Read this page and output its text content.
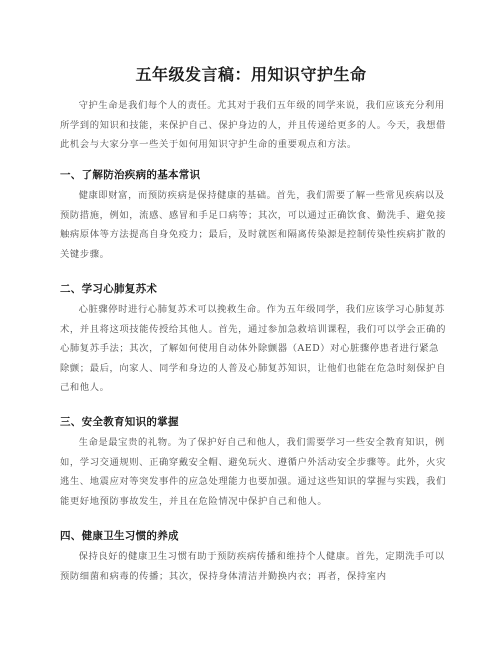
五年级发言稿：用知识守护生命
守护生命是我们每个人的责任。尤其对于我们五年级的同学来说，我们应该充分利用所学到的知识和技能，来保护自己、保护身边的人，并且传递给更多的人。今天，我想借此机会与大家分享一些关于如何用知识守护生命的重要观点和方法。
一、了解防治疾病的基本常识
健康即财富，而预防疾病是保持健康的基础。首先，我们需要了解一些常见疾病以及预防措施，例如，流感、感冒和手足口病等；其次，可以通过正确饮食、勤洗手、避免接触病原体等方法提高自身免疫力；最后，及时就医和隔离传染源是控制传染性疾病扩散的关键步骤。
二、学习心肺复苏术
心脏骤停时进行心肺复苏术可以挽救生命。作为五年级同学，我们应该学习心肺复苏术，并且将这项技能传授给其他人。首先，通过参加急救培训课程，我们可以学会正确的心肺复苏手法；其次，了解如何使用自动体外除颤器（AED）对心脏骤停患者进行紧急除颤；最后，向家人、同学和身边的人普及心肺复苏知识，让他们也能在危急时刻保护自己和他人。
三、安全教育知识的掌握
生命是最宝贵的礼物。为了保护好自己和他人，我们需要学习一些安全教育知识，例如，学习交通规则、正确穿戴安全帽、避免玩火、遵循户外活动安全步骤等。此外，火灾逃生、地震应对等突发事件的应急处理能力也要加强。通过这些知识的掌握与实践，我们能更好地预防事故发生，并且在危险情况中保护自己和他人。
四、健康卫生习惯的养成
保持良好的健康卫生习惯有助于预防疾病传播和维持个人健康。首先，定期洗手可以预防细菌和病毒的传播；其次，保持身体清洁并勤换内衣；再者，保持室内
